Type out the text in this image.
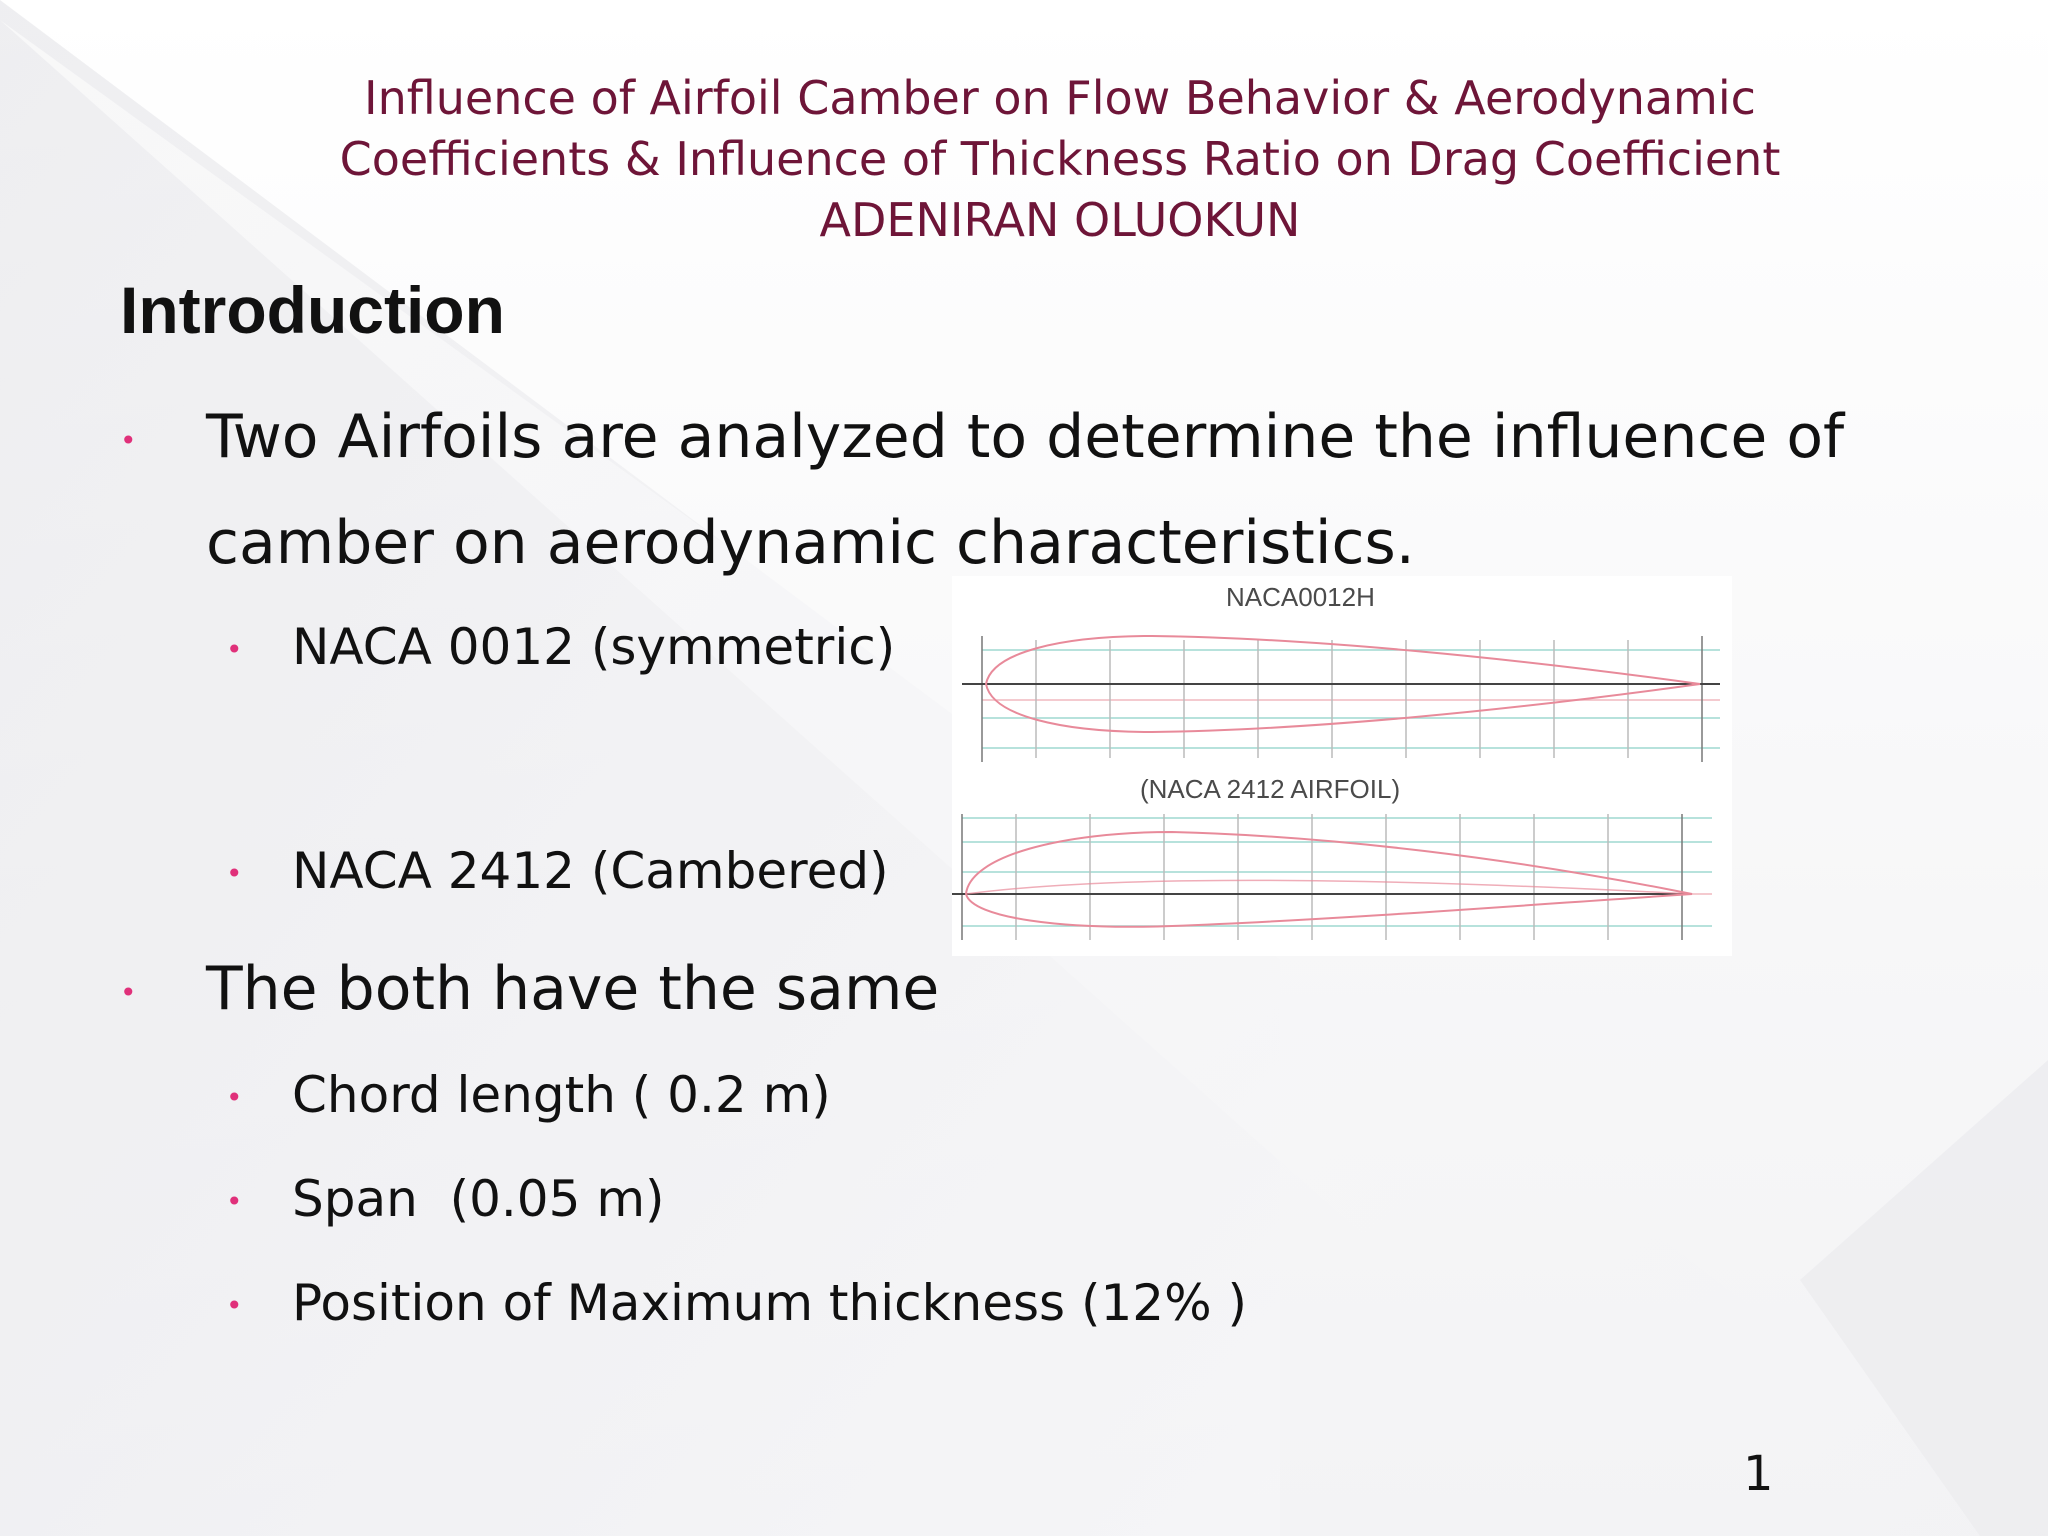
Influence of Airfoil Camber on Flow Behavior & Aerodynamic
Coefficients & Influence of Thickness Ratio on Drag Coefficient
ADENIRAN OLUOKUN
Introduction
• Two Airfoils are analyzed to determine the influence of
camber on aerodynamic characteristics.
• NACA 0012 (symmetric)
• NACA 2412 (Cambered)
• The both have the same
• Chord length ( 0.2 m)
• Span  (0.05 m)
• Position of Maximum thickness (12% )
NACA0012H
(NACA 2412 AIRFOIL)
1
